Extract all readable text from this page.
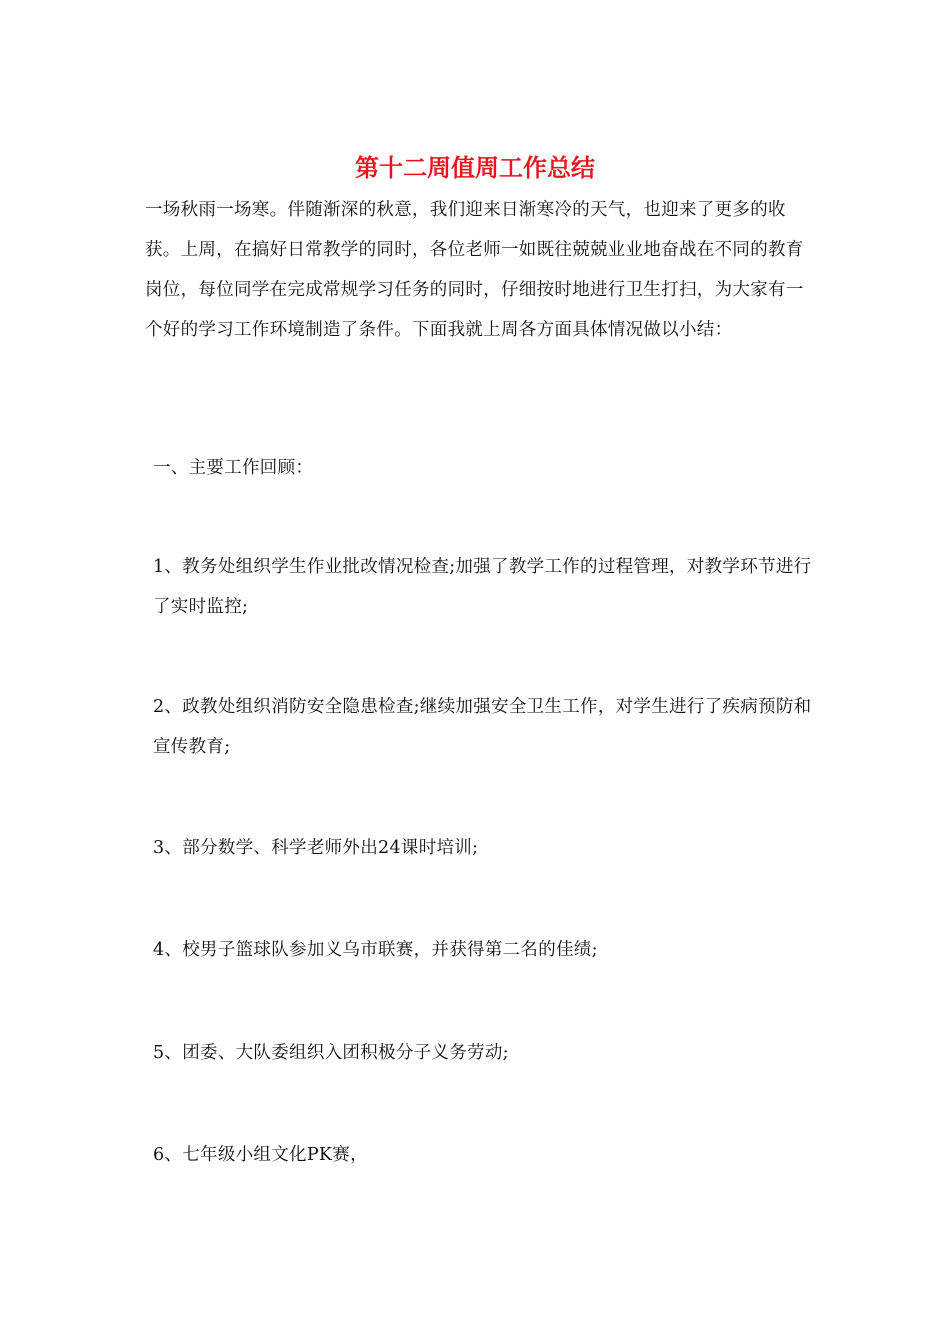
第十二周值周工作总结

一场秋雨一场寒。伴随渐深的秋意，我们迎来日渐寒冷的天气，也迎来了更多的收获。上周，在搞好日常教学的同时，各位老师一如既往兢兢业业地奋战在不同的教育岗位，每位同学在完成常规学习任务的同时，仔细按时地进行卫生打扫，为大家有一个好的学习工作环境制造了条件。下面我就上周各方面具体情况做以小结：

一、主要工作回顾：

1、教务处组织学生作业批改情况检查;加强了教学工作的过程管理，对教学环节进行了实时监控;

2、政教处组织消防安全隐患检查;继续加强安全卫生工作，对学生进行了疾病预防和宣传教育;

3、部分数学、科学老师外出24课时培训;

4、校男子篮球队参加义乌市联赛，并获得第二名的佳绩;

5、团委、大队委组织入团积极分子义务劳动;

6、七年级小组文化PK赛，
